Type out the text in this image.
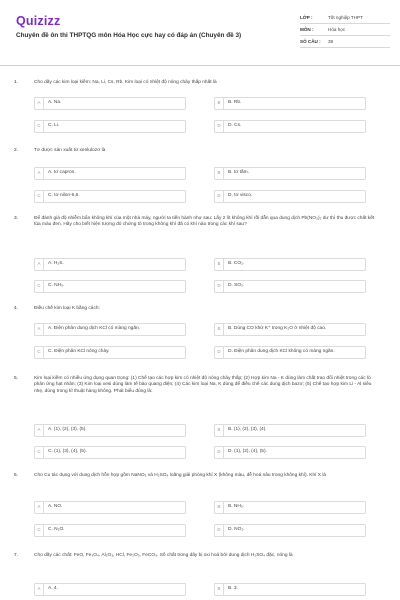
Quizizz
Chuyên đề ôn thi THPTQG môn Hóa Học cực hay có đáp án (Chuyên đề 3)
LỚP :	Tốt nghiệp THPT
MÔN :	Hóa học
SỐ CÂU :	39
1.	Cho dãy các kim loại kiềm: Na, Li, Cs, Rb. Kim loại có nhiệt độ nóng chảy thấp nhất là
A	A. Na.	B	B. Rb.
C	C. Li.	D	D. Cs.
2.	Tơ được sản xuất từ xenlulozơ là
A	A. tơ capron.	B	B. tơ tằm.
C	C. tơ nilon-6,6.	D	D. tơ visco.
3.	Để đánh giá độ nhiễm bẩn không khí của một nhà máy, người ta tiến hành như sau: Lấy 2 lít không khí rồi dẫn qua dung dịch Pb(NO₃)₂ dư thì thu được chất kết tủa màu đen. Hãy cho biết hiện tượng đó chứng tỏ trong không khí đã có khí nào trong các khí sau?
A	A. H₂S.	B	B. CO₂.
C	C. NH₃.	D	D. SO₂.
4.	Điều chế kim loại K bằng cách:
A	A. Điện phân dung dịch KCl có màng ngăn.	B	B. Dùng CO khử K⁺ trong K₂O ở nhiệt độ cao.
C	C. Điện phân KCl nóng chảy.	D	D. Điện phân dung dịch KCl không có màng ngăn.
5.	Kim loại kiềm có nhiều ứng dụng quan trọng: (1) Chế tạo các hợp kim có nhiệt độ nóng chảy thấp; (2) Hợp kim Na - K dùng làm chất trao đổi nhiệt trong các lò phản ứng hạt nhân; (3) Kim loại xesi dùng làm tế bào quang điện; (4) Các kim loại Na, K dùng để điều chế các dung dịch bazơ; (5) Chế tạo hợp kim Li - Al siêu nhẹ, dùng trong kĩ thuật hàng không. Phát biểu đúng là:
A	A. (1), (2), (3), (5).	B	B. (1), (2), (3), (4).
C	C. (1), (3), (4), (5).	D	D. (1), (2), (4), (5).
6.	Cho Cu tác dụng với dung dịch hỗn hợp gồm NaNO₃ và H₂SO₄ loãng giải phóng khí X (không màu, dễ hoá nâu trong không khí). Khí X là
A	A. NO.	B	B. NH₃.
C	C. N₂O.	D	D. NO₂.
7.	Cho dãy các chất: FeO, Fe₃O₄, Al₂O₃, HCl, Fe₂O₃, FeCO₃. Số chất trong dãy bị oxi hoá bởi dung dịch H₂SO₄ đặc, nóng là
A	A. 4.	B	B. 3.
